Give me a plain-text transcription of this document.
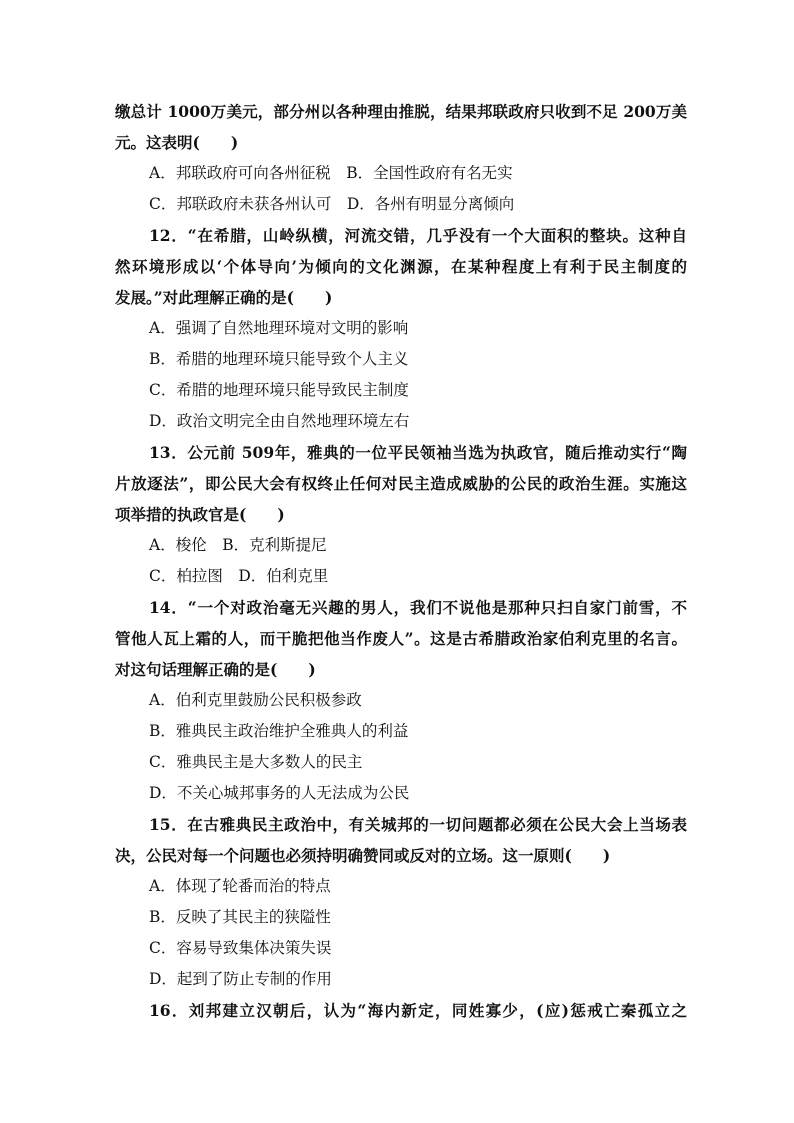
缴总计 1000万美元，部分州以各种理由推脱，结果邦联政府只收到不足 200万美
元。这表明(　　)
A．邦联政府可向各州征税　B．全国性政府有名无实
C．邦联政府未获各州认可　D．各州有明显分离倾向
12．“在希腊，山岭纵横，河流交错，几乎没有一个大面积的整块。这种自
然环境形成以‘个体导向’为倾向的文化渊源，在某种程度上有利于民主制度的
发展。”对此理解正确的是(　　)
A．强调了自然地理环境对文明的影响
B．希腊的地理环境只能导致个人主义
C．希腊的地理环境只能导致民主制度
D．政治文明完全由自然地理环境左右
13．公元前 509年，雅典的一位平民领袖当选为执政官，随后推动实行“陶
片放逐法”，即公民大会有权终止任何对民主造成威胁的公民的政治生涯。实施这
项举措的执政官是(　　)
A．梭伦　B．克利斯提尼
C．柏拉图　D．伯利克里
14．“一个对政治毫无兴趣的男人，我们不说他是那种只扫自家门前雪，不
管他人瓦上霜的人，而干脆把他当作废人”。这是古希腊政治家伯利克里的名言。
对这句话理解正确的是(　　)
A．伯利克里鼓励公民积极参政
B．雅典民主政治维护全雅典人的利益
C．雅典民主是大多数人的民主
D．不关心城邦事务的人无法成为公民
15．在古雅典民主政治中，有关城邦的一切问题都必须在公民大会上当场表
决，公民对每一个问题也必须持明确赞同或反对的立场。这一原则(　　)
A．体现了轮番而治的特点
B．反映了其民主的狭隘性
C．容易导致集体决策失误
D．起到了防止专制的作用
16．刘邦建立汉朝后，认为“海内新定，同姓寡少，(应)惩戒亡秦孤立之
